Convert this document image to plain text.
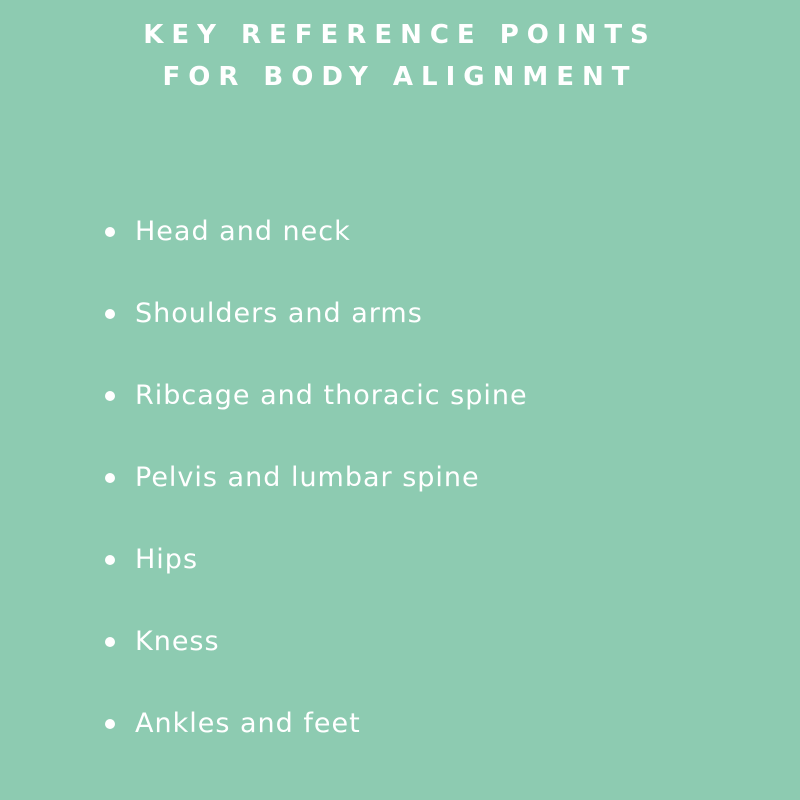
KEY REFERENCE POINTS
FOR BODY ALIGNMENT
Head and neck
Shoulders and arms
Ribcage and thoracic spine
Pelvis and lumbar spine
Hips
Kness
Ankles and feet
